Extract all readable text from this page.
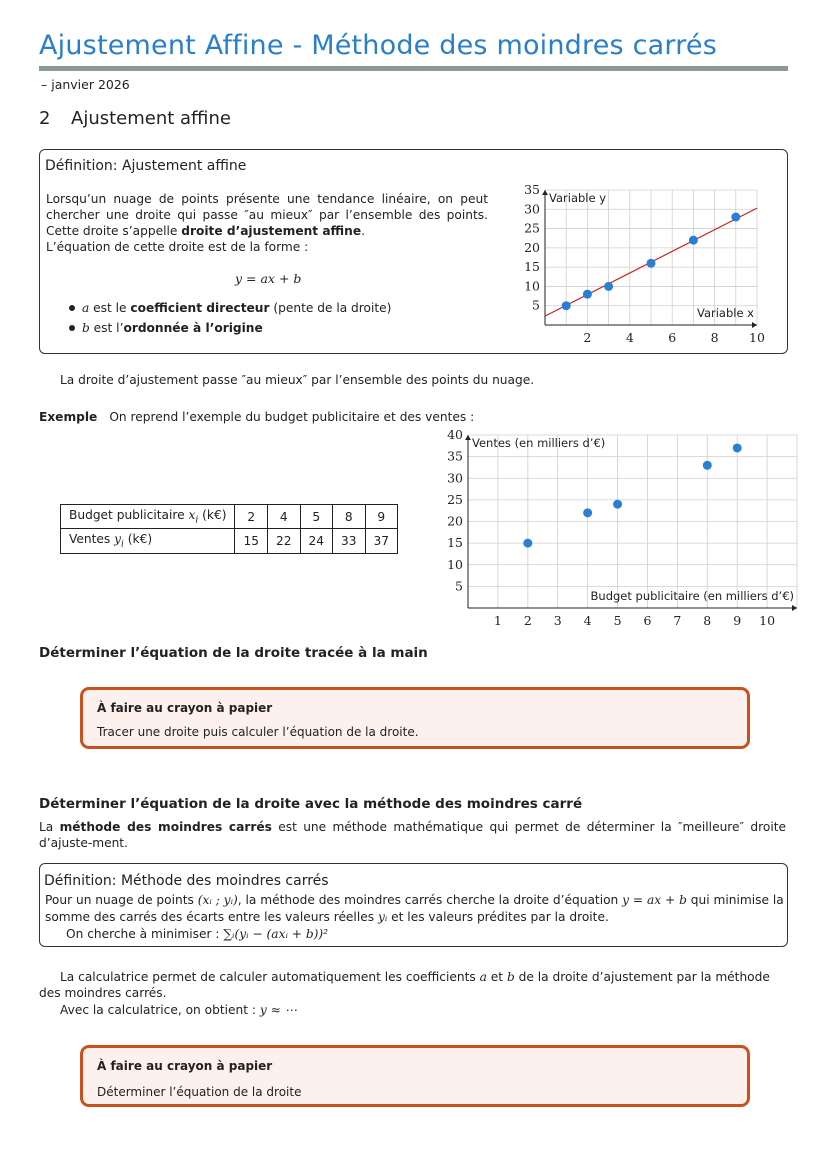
Ajustement Affine - Méthode des moindres carrés
– janvier 2026
2 Ajustement affine
Définition: Ajustement affine

Lorsqu’un nuage de points présente une tendance linéaire, on peut chercher une droite qui passe ″au mieux″ par l’ensemble des points. Cette droite s’appelle droite d’ajustement affine.

L’équation de cette droite est de la forme :

y = ax + b
a est le coefficient directeur (pente de la droite)
b est l’ordonnée à l’origine
2	4	6	8 10
5
10
15
20
25
30
35
Variable y
Variable x

La droite d’ajustement passe ″au mieux″ par l’ensemble des points du nuage.

Exemple On reprend l’exemple du budget publicitaire et des ventes :
Budget publicitaire $x_i$ (k€)	2	4	5	8	9
Ventes $y_i$ (k€)	15	22	24	33	37
1 2 3 4 5 6 7 8 9 10
5
10
15
20
25
30
35
40
Ventes (en milliers d’€)
Budget publicitaire (en milliers d’€)
Déterminer l’équation de la droite tracée à la main
À faire au crayon à papier
Tracer une droite puis calculer l’équation de la droite.
Déterminer l’équation de la droite avec la méthode des moindres carré

La méthode des moindres carrés est une méthode mathématique qui permet de déterminer la ″meilleure″ droite d’ajuste-ment.

Définition: Méthode des moindres carrés

Pour un nuage de points (xᵢ ; yᵢ), la méthode des moindres carrés cherche la droite d’équation y = ax + b qui minimise la

somme des carrés des écarts entre les valeurs réelles yᵢ et les valeurs prédites par la droite.

On cherche à minimiser : ∑ᵢ(yᵢ − (axᵢ + b))²

La calculatrice permet de calculer automatiquement les coefficients a et b de la droite d’ajustement par la méthode des moindres carrés.

Avec la calculatrice, on obtient : y ≈ ⋯

À faire au crayon à papier
Déterminer l’équation de la droite
